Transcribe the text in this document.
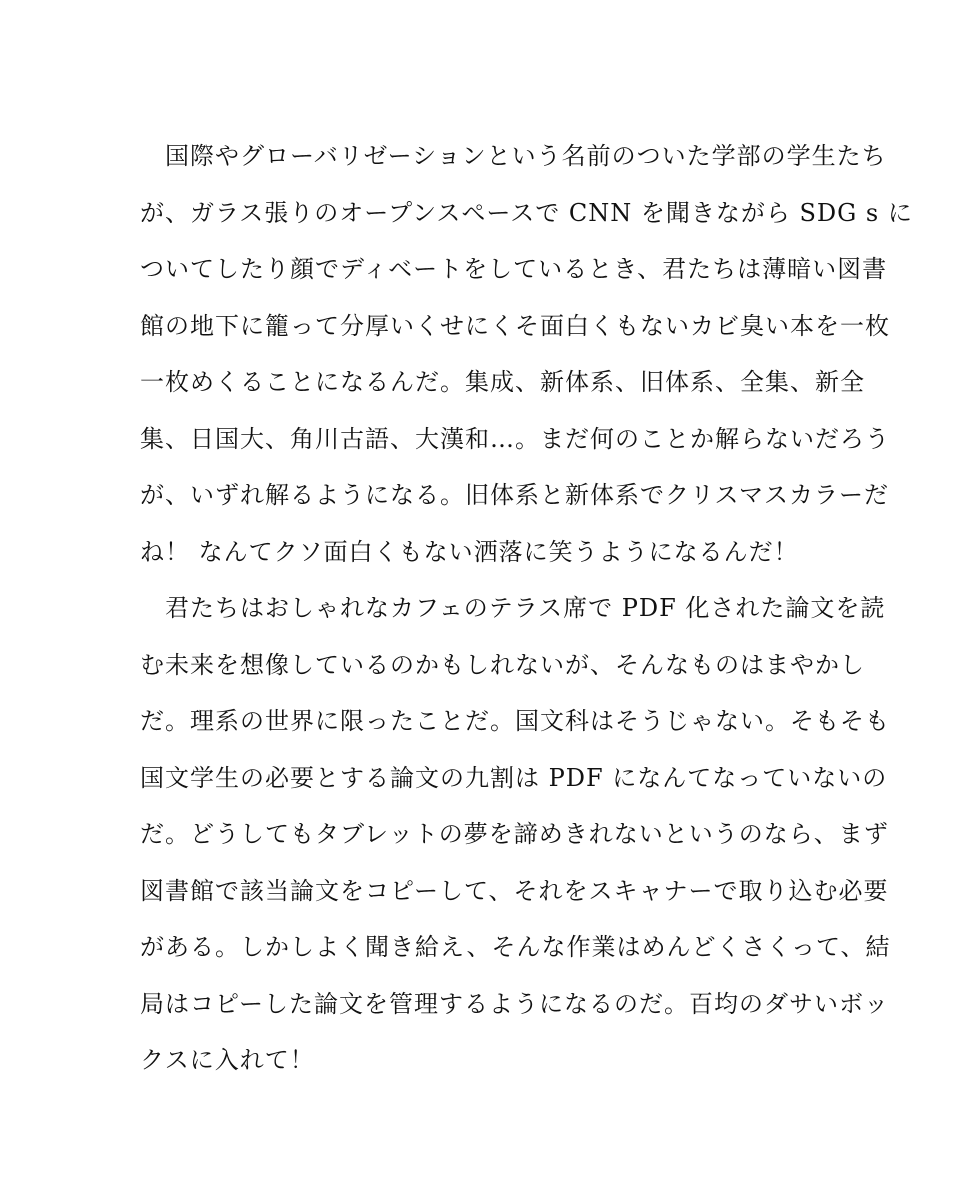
　国際やグローバリゼーションという名前のついた学部の学生たち
が、ガラス張りのオープンスペースで CNN を聞きながら SDG s に
ついてしたり顔でディベートをしているとき、君たちは薄暗い図書
館の地下に籠って分厚いくせにくそ面白くもないカビ臭い本を一枚
一枚めくることになるんだ。集成、新体系、旧体系、全集、新全
集、日国大、角川古語、大漢和…。まだ何のことか解らないだろう
が、いずれ解るようになる。旧体系と新体系でクリスマスカラーだ
ね！ なんてクソ面白くもない洒落に笑うようになるんだ！
　君たちはおしゃれなカフェのテラス席で PDF 化された論文を読
む未来を想像しているのかもしれないが、そんなものはまやかし
だ。理系の世界に限ったことだ。国文科はそうじゃない。そもそも
国文学生の必要とする論文の九割は PDF になんてなっていないの
だ。どうしてもタブレットの夢を諦めきれないというのなら、まず
図書館で該当論文をコピーして、それをスキャナーで取り込む必要
がある。しかしよく聞き給え、そんな作業はめんどくさくって、結
局はコピーした論文を管理するようになるのだ。百均のダサいボッ
クスに入れて！
